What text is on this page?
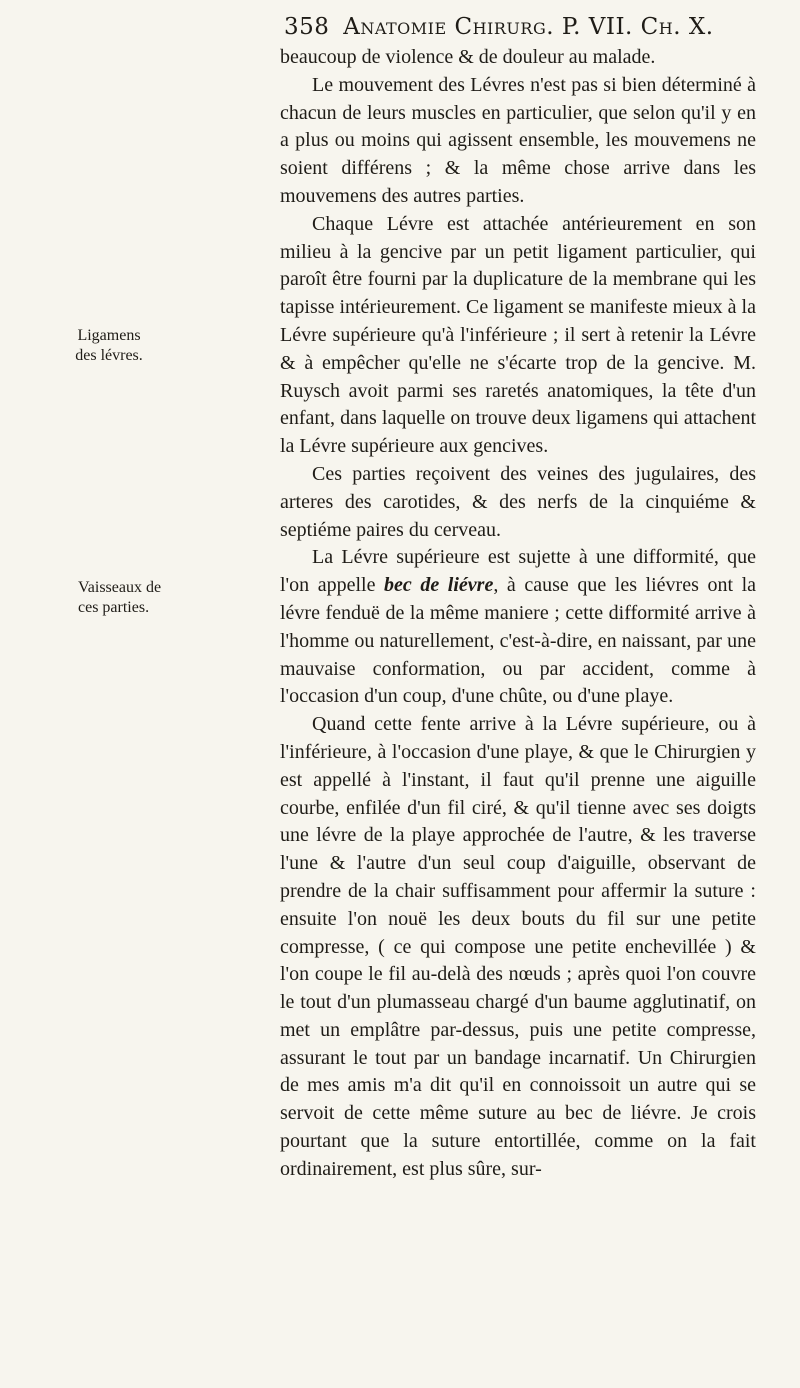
358 Anatomie Chirurg. P. VII. Ch. X.
Ligamens des lévres.
Vaisseaux de ces parties.

beaucoup de violence & de douleur au malade.

Le mouvement des Lévres n'est pas si bien déterminé à chacun de leurs muscles en particulier, que selon qu'il y en a plus ou moins qui agissent ensemble, les mouvemens ne soient différens ; & la même chose arrive dans les mouvemens des autres parties.

Chaque Lévre est attachée antérieurement en son milieu à la gencive par un petit ligament particulier, qui paroît être fourni par la duplicature de la membrane qui les tapisse intérieurement. Ce ligament se manifeste mieux à la Lévre supérieure qu'à l'inférieure ; il sert à retenir la Lévre & à empêcher qu'elle ne s'écarte trop de la gencive. M. Ruysch avoit parmi ses raretés anatomiques, la tête d'un enfant, dans laquelle on trouve deux ligamens qui attachent la Lévre supérieure aux gencives.

Ces parties reçoivent des veines des jugulaires, des arteres des carotides, & des nerfs de la cinquiéme & septiéme paires du cerveau.

La Lévre supérieure est sujette à une difformité, que l'on appelle bec de liévre, à cause que les liévres ont la lévre fenduë de la même maniere ; cette difformité arrive à l'homme ou naturellement, c'est-à-dire, en naissant, par une mauvaise conformation, ou par accident, comme à l'occasion d'un coup, d'une chûte, ou d'une playe.

Quand cette fente arrive à la Lévre supérieure, ou à l'inférieure, à l'occasion d'une playe, & que le Chirurgien y est appellé à l'instant, il faut qu'il prenne une aiguille courbe, enfilée d'un fil ciré, & qu'il tienne avec ses doigts une lévre de la playe approchée de l'autre, & les traverse l'une & l'autre d'un seul coup d'aiguille, observant de prendre de la chair suffisamment pour affermir la suture : ensuite l'on nouë les deux bouts du fil sur une petite compresse, ( ce qui compose une petite enchevillée ) & l'on coupe le fil au-delà des nœuds ; après quoi l'on couvre le tout d'un plumasseau chargé d'un baume agglutinatif, on met un emplâtre par-dessus, puis une petite compresse, assurant le tout par un bandage incarnatif. Un Chirurgien de mes amis m'a dit qu'il en connoissoit un autre qui se servoit de cette même suture au bec de liévre. Je crois pourtant que la suture entortillée, comme on la fait ordinairement, est plus sûre, sur-
